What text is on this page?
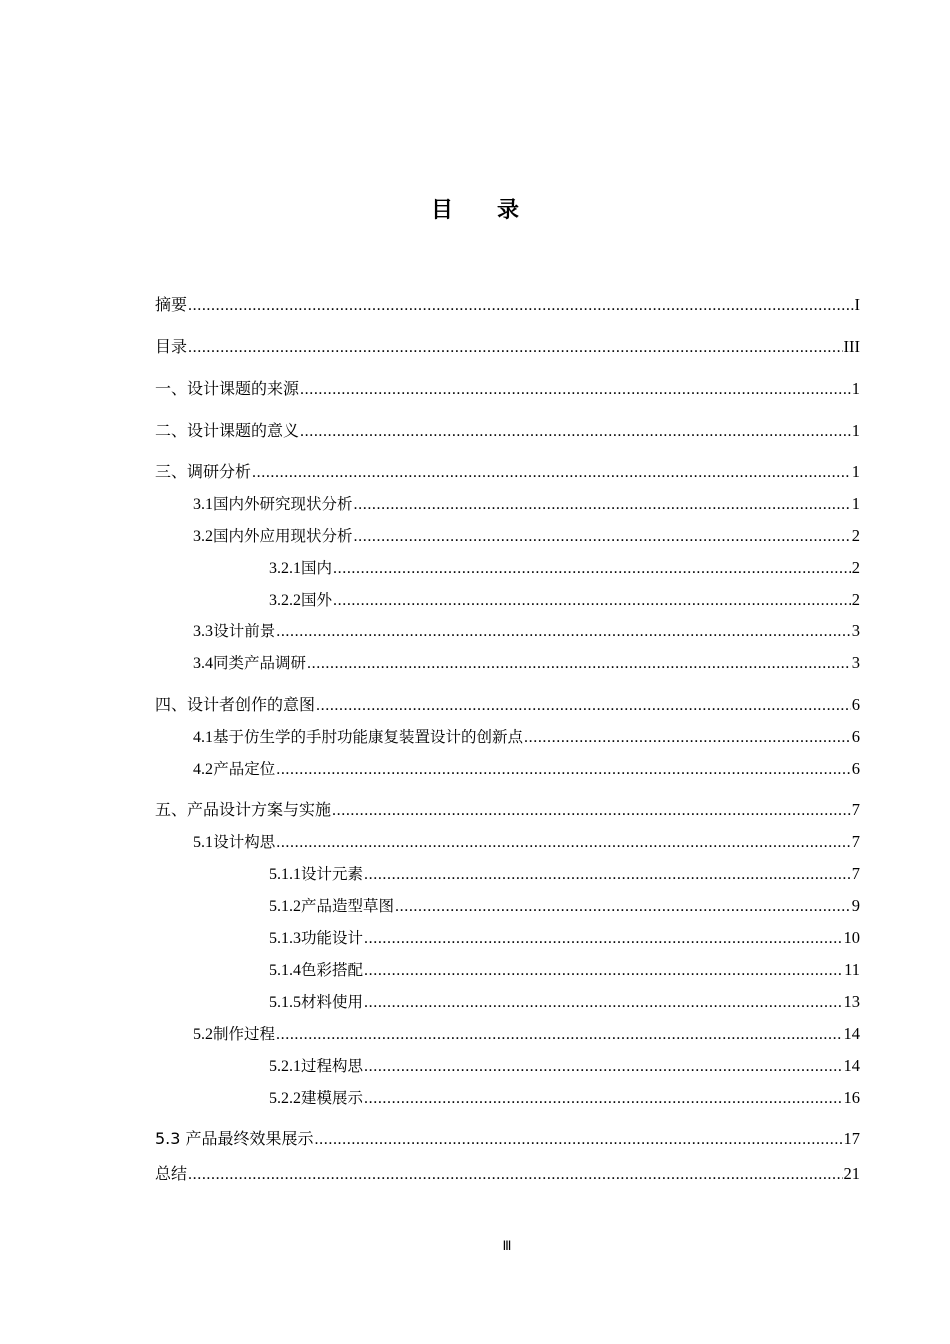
目 录
摘要 .....	I
目录 .....	III
一、设计课题的来源 .....	1
二、设计课题的意义 .....	1
三、调研分析 .....	1
3.1 国内外研究现状分析 .....	1
3.2 国内外应用现状分析 .....	2
3.2.1 国内 .....	2
3.2.2 国外 .....	2
3.3 设计前景 .....	3
3.4 同类产品调研 .....	3
四、设计者创作的意图 .....	6
4.1 基于仿生学的手肘功能康复装置设计的创新点 .....	6
4.2 产品定位 .....	6
五、产品设计方案与实施 .....	7
5.1 设计构思 .....	7
5.1.1 设计元素 .....	7
5.1.2 产品造型草图 .....	9
5.1.3 功能设计 .....	10
5.1.4 色彩搭配 .....	11
5.1.5 材料使用 .....	13
5.2 制作过程 .....	14
5.2.1 过程构思 .....	14
5.2.2 建模展示 .....	16
5.3 产品最终效果展示 .....	17
总结 .....	21
Ⅲ
